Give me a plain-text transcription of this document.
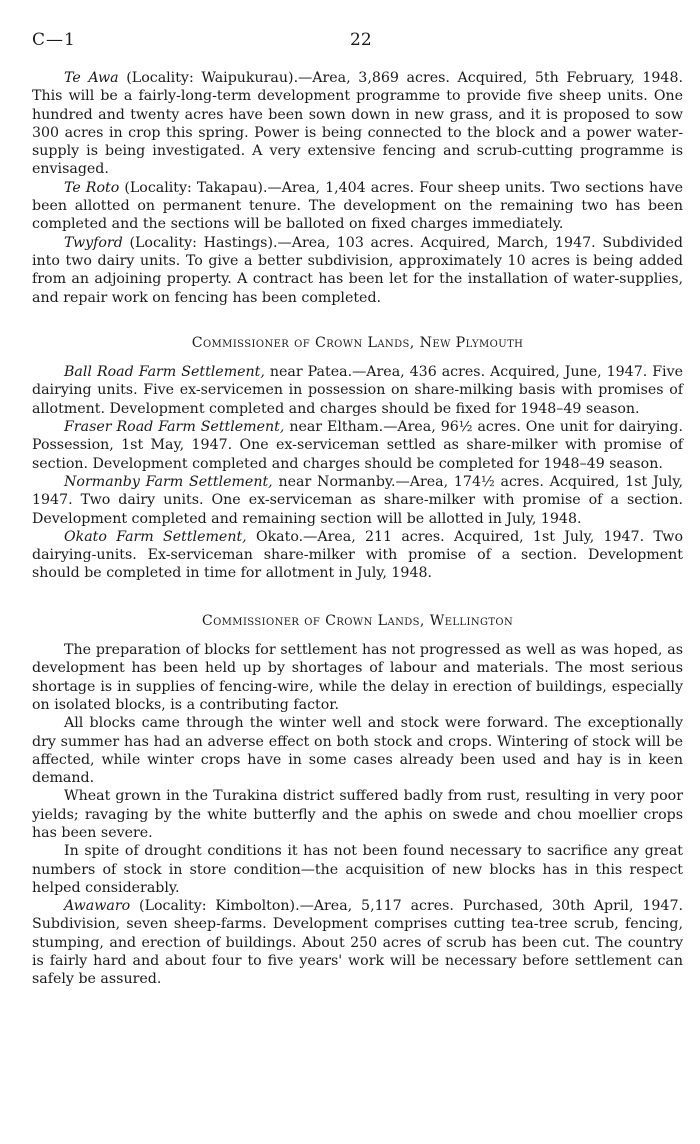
C—1	22

Te Awa (Locality: Waipukurau).—Area, 3,869 acres. Acquired, 5th February, 1948. This will be a fairly-long-term development programme to provide five sheep units. One hundred and twenty acres have been sown down in new grass, and it is proposed to sow 300 acres in crop this spring. Power is being connected to the block and a power water-supply is being investigated. A very extensive fencing and scrub-cutting programme is envisaged.

Te Roto (Locality: Takapau).—Area, 1,404 acres. Four sheep units. Two sections have been allotted on permanent tenure. The development on the remaining two has been completed and the sections will be balloted on fixed charges immediately.

Twyford (Locality: Hastings).—Area, 103 acres. Acquired, March, 1947. Subdivided into two dairy units. To give a better subdivision, approximately 10 acres is being added from an adjoining property. A contract has been let for the installation of water-supplies, and repair work on fencing has been completed.

Commissioner of Crown Lands, New Plymouth

Ball Road Farm Settlement, near Patea.—Area, 436 acres. Acquired, June, 1947. Five dairying units. Five ex-servicemen in possession on share-milking basis with promises of allotment. Development completed and charges should be fixed for 1948–49 season.

Fraser Road Farm Settlement, near Eltham.—Area, 96½ acres. One unit for dairying. Possession, 1st May, 1947. One ex-serviceman settled as share-milker with promise of section. Development completed and charges should be completed for 1948–49 season.

Normanby Farm Settlement, near Normanby.—Area, 174½ acres. Acquired, 1st July, 1947. Two dairy units. One ex-serviceman as share-milker with promise of a section. Development completed and remaining section will be allotted in July, 1948.

Okato Farm Settlement, Okato.—Area, 211 acres. Acquired, 1st July, 1947. Two dairying-units. Ex-serviceman share-milker with promise of a section. Development should be completed in time for allotment in July, 1948.

Commissioner of Crown Lands, Wellington

The preparation of blocks for settlement has not progressed as well as was hoped, as development has been held up by shortages of labour and materials. The most serious shortage is in supplies of fencing-wire, while the delay in erection of buildings, especially on isolated blocks, is a contributing factor.

All blocks came through the winter well and stock were forward. The exceptionally dry summer has had an adverse effect on both stock and crops. Wintering of stock will be affected, while winter crops have in some cases already been used and hay is in keen demand.

Wheat grown in the Turakina district suffered badly from rust, resulting in very poor yields; ravaging by the white butterfly and the aphis on swede and chou moellier crops has been severe.

In spite of drought conditions it has not been found necessary to sacrifice any great numbers of stock in store condition—the acquisition of new blocks has in this respect helped considerably.

Awawaro (Locality: Kimbolton).—Area, 5,117 acres. Purchased, 30th April, 1947. Subdivision, seven sheep-farms. Development comprises cutting tea-tree scrub, fencing, stumping, and erection of buildings. About 250 acres of scrub has been cut. The country is fairly hard and about four to five years' work will be necessary before settlement can safely be assured.
